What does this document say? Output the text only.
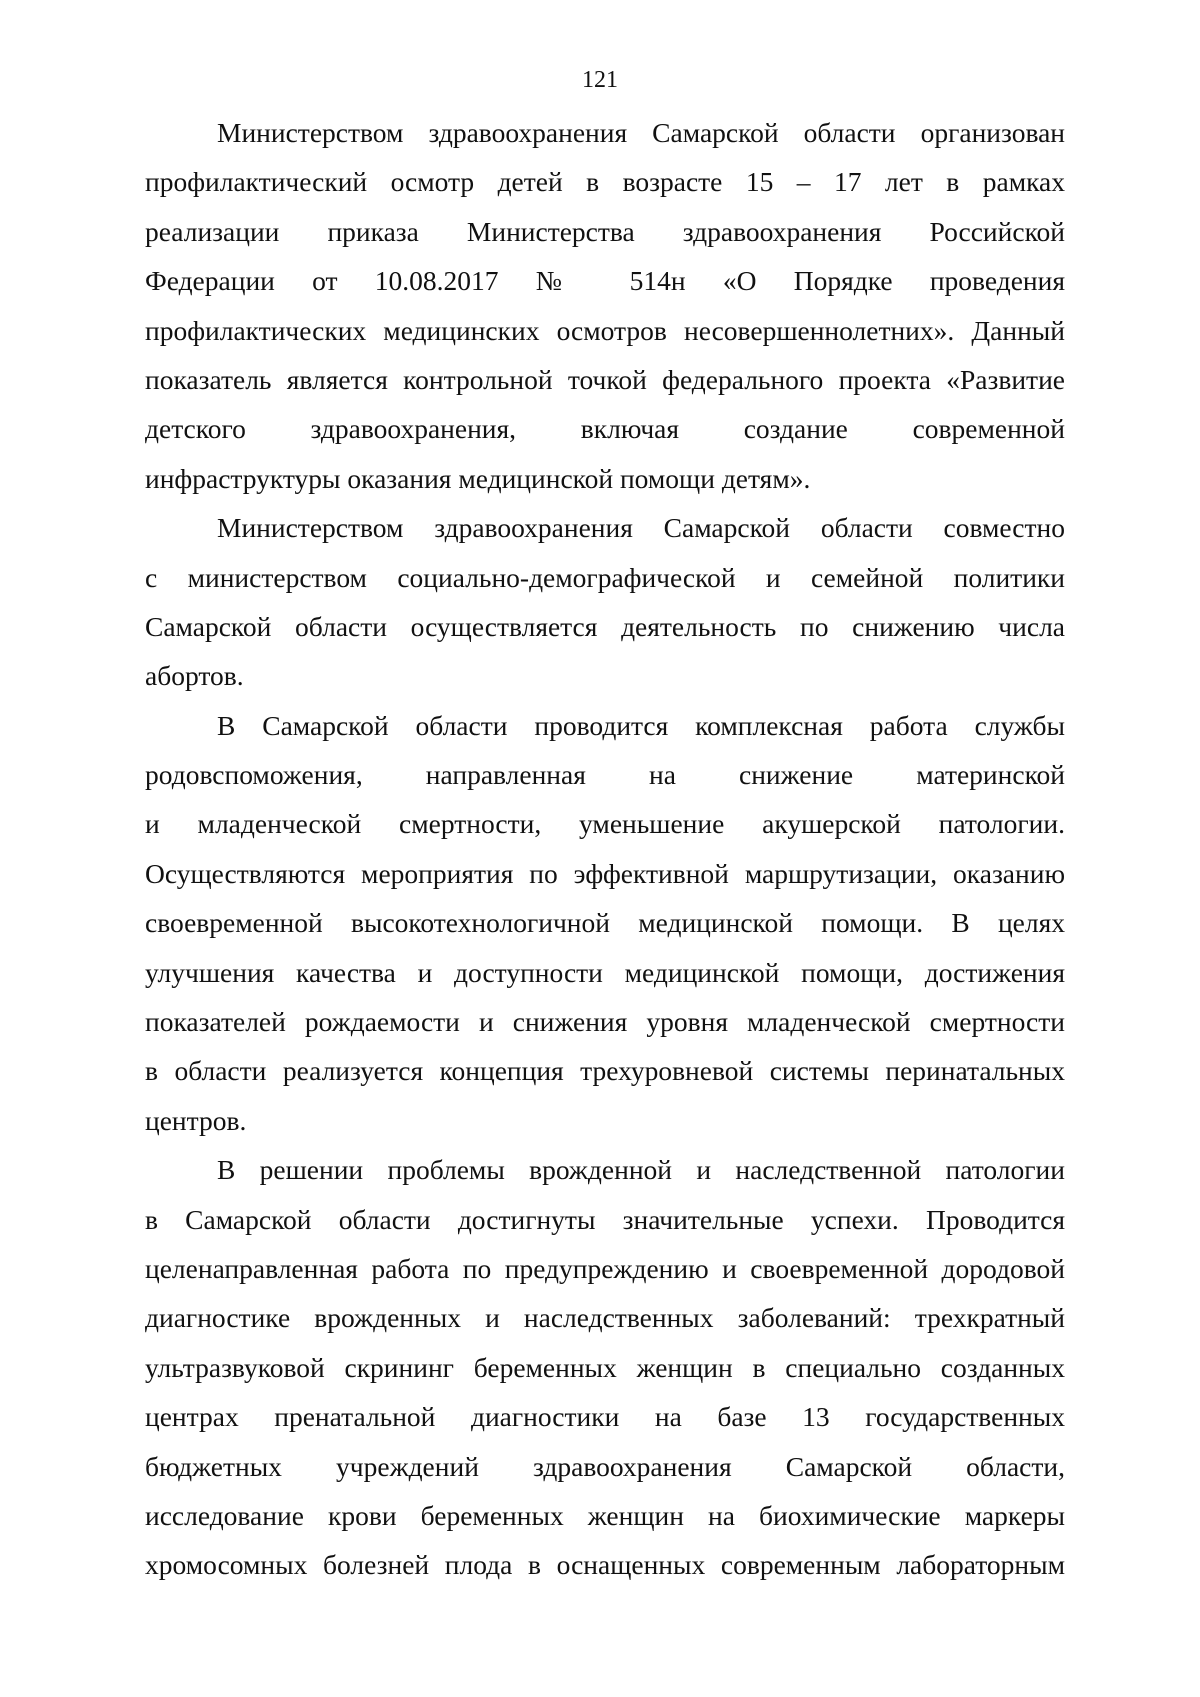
121
Министерством здравоохранения Самарской области организован
профилактический осмотр детей в возрасте 15 – 17 лет в рамках
реализации приказа Министерства здравоохранения Российской
Федерации от 10.08.2017 № 514н «О Порядке проведения
профилактических медицинских осмотров несовершеннолетних». Данный
показатель является контрольной точкой федерального проекта «Развитие
детского здравоохранения, включая создание современной
инфраструктуры оказания медицинской помощи детям».
Министерством здравоохранения Самарской области совместно
с министерством социально-демографической и семейной политики
Самарской области осуществляется деятельность по снижению числа
абортов.
В Самарской области проводится комплексная работа службы
родовспоможения, направленная на снижение материнской
и младенческой смертности, уменьшение акушерской патологии.
Осуществляются мероприятия по эффективной маршрутизации, оказанию
своевременной высокотехнологичной медицинской помощи. В целях
улучшения качества и доступности медицинской помощи, достижения
показателей рождаемости и снижения уровня младенческой смертности
в области реализуется концепция трехуровневой системы перинатальных
центров.
В решении проблемы врожденной и наследственной патологии
в Самарской области достигнуты значительные успехи. Проводится
целенаправленная работа по предупреждению и своевременной дородовой
диагностике врожденных и наследственных заболеваний: трехкратный
ультразвуковой скрининг беременных женщин в специально созданных
центрах пренатальной диагностики на базе 13 государственных
бюджетных учреждений здравоохранения Самарской области,
исследование крови беременных женщин на биохимические маркеры
хромосомных болезней плода в оснащенных современным лабораторным
